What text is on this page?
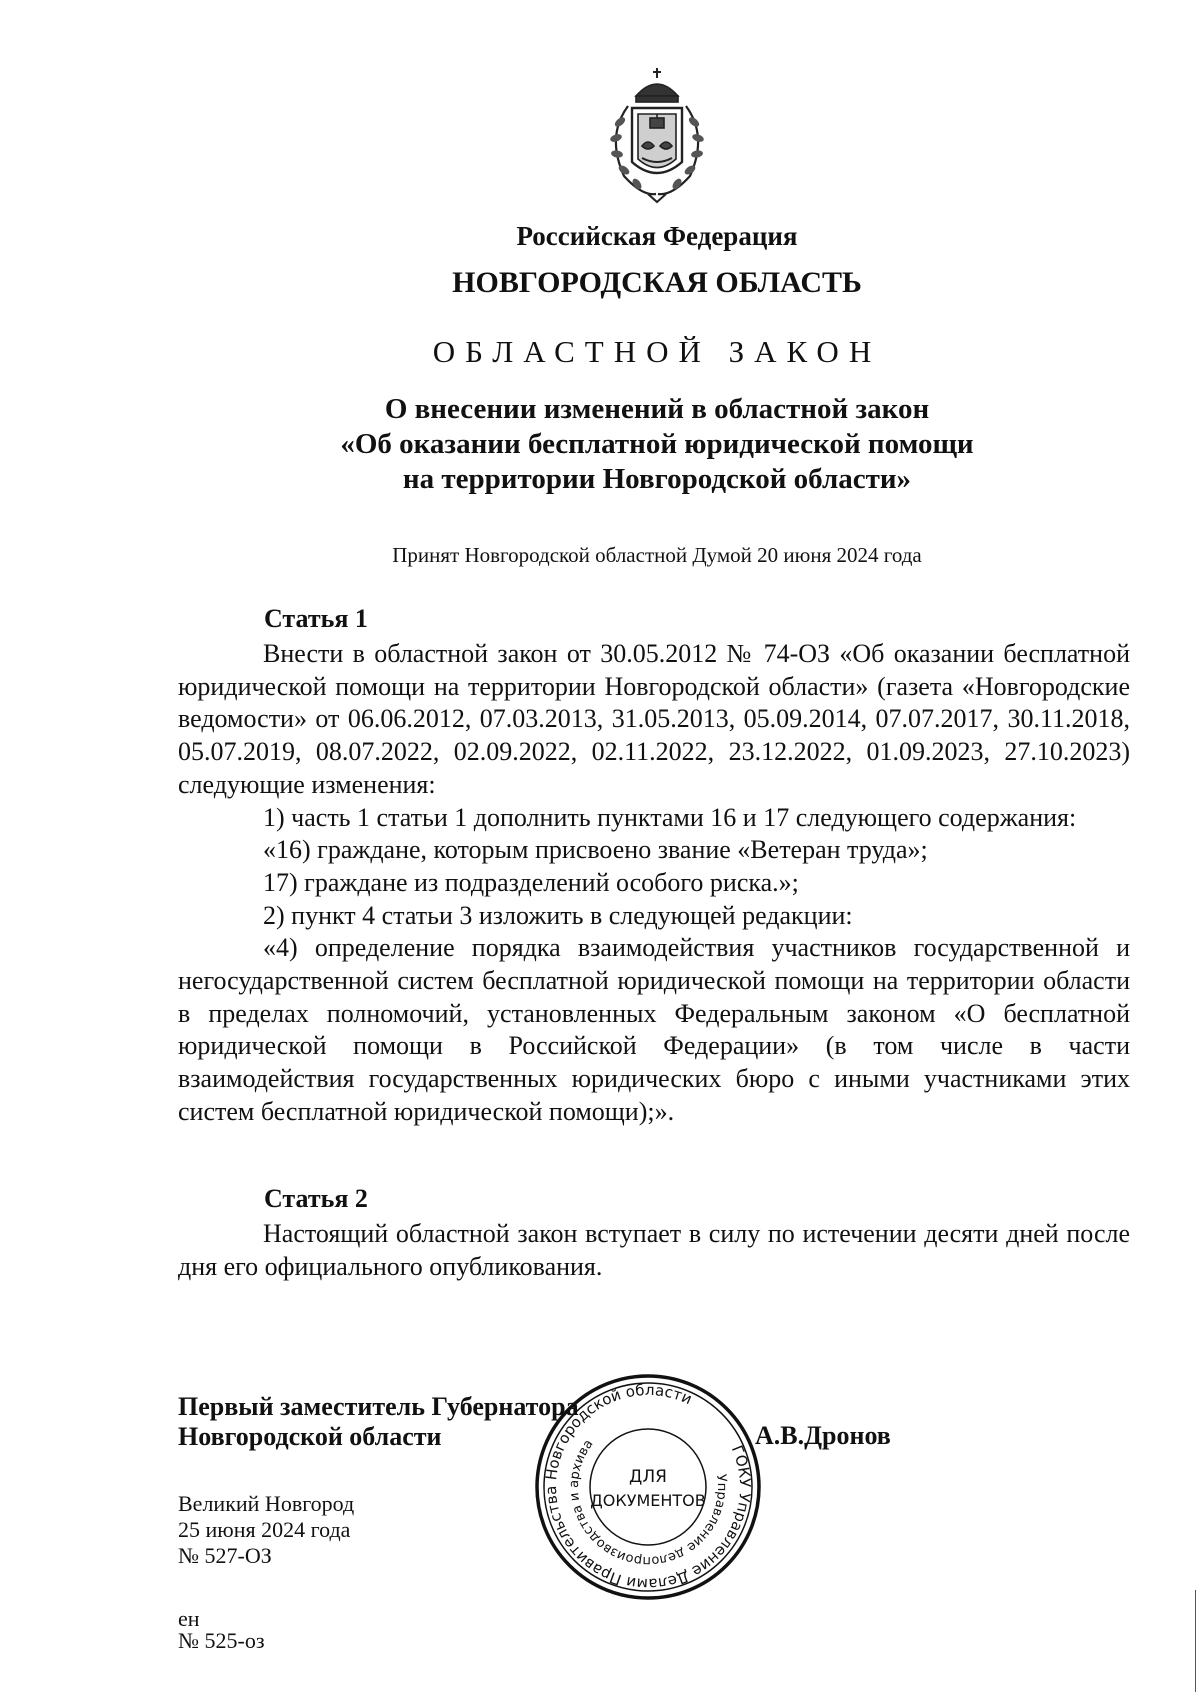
Российская Федерация
НОВГОРОДСКАЯ ОБЛАСТЬ
ОБЛАСТНОЙ ЗАКОН
О внесении изменений в областной закон
«Об оказании бесплатной юридической помощи
на территории Новгородской области»
Принят Новгородской областной Думой 20 июня 2024 года
Статья 1

Внести в областной закон от 30.05.2012 № 74-ОЗ «Об оказании бесплатной юридической помощи на территории Новгородской области» (газета «Новгородские ведомости» от 06.06.2012, 07.03.2013, 31.05.2013, 05.09.2014, 07.07.2017, 30.11.2018, 05.07.2019, 08.07.2022, 02.09.2022, 02.11.2022, 23.12.2022, 01.09.2023, 27.10.2023) следующие изменения:

1) часть 1 статьи 1 дополнить пунктами 16 и 17 следующего содержания:

«16) граждане, которым присвоено звание «Ветеран труда»;

17) граждане из подразделений особого риска.»;

2) пункт 4 статьи 3 изложить в следующей редакции:

«4) определение порядка взаимодействия участников государственной и негосударственной систем бесплатной юридической помощи на территории области в пределах полномочий, установленных Федеральным законом «О бесплатной юридической помощи в Российской Федерации» (в том числе в части взаимодействия государственных юридических бюро с иными участниками этих систем бесплатной юридической помощи);».

Статья 2

Настоящий областной закон вступает в силу по истечении десяти дней после дня его официального опубликования.

Первый заместитель Губернатора
Новгородской области	А.В.Дронов
Великий Новгород
25 июня 2024 года
№ 527-ОЗ
ен
№ 525-оз
ГОКУ Управление Делами Правительства Новгородской области
Управление делопроизводства и архива
ДЛЯ
ДОКУМЕНТОВ
